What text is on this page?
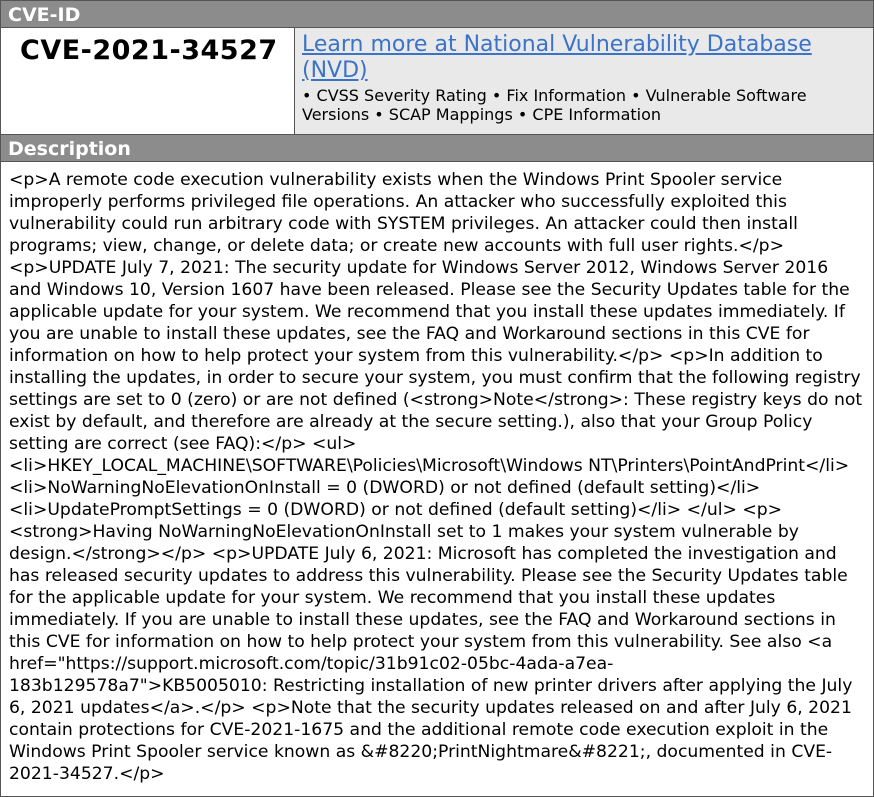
CVE-ID
CVE-2021-34527	Learn more at National Vulnerability Database (NVD)
• CVSS Severity Rating • Fix Information • Vulnerable Software Versions • SCAP Mappings • CPE Information
Description
<p>A remote code execution vulnerability exists when the Windows Print Spooler service improperly performs privileged file operations. An attacker who successfully exploited this vulnerability could run arbitrary code with SYSTEM privileges. An attacker could then install programs; view, change, or delete data; or create new accounts with full user rights.</p> <p>UPDATE July 7, 2021: The security update for Windows Server 2012, Windows Server 2016 and Windows 10, Version 1607 have been released. Please see the Security Updates table for the applicable update for your system. We recommend that you install these updates immediately. If you are unable to install these updates, see the FAQ and Workaround sections in this CVE for information on how to help protect your system from this vulnerability.</p> <p>In addition to installing the updates, in order to secure your system, you must confirm that the following registry settings are set to 0 (zero) or are not defined (<strong>Note</strong>: These registry keys do not exist by default, and therefore are already at the secure setting.), also that your Group Policy setting are correct (see FAQ):</p> <ul> <li>HKEY_LOCAL_MACHINE\SOFTWARE\Policies\Microsoft\Windows NT\Printers\PointAndPrint</li> <li>NoWarningNoElevationOnInstall = 0 (DWORD) or not defined (default setting)</li> <li>UpdatePromptSettings = 0 (DWORD) or not defined (default setting)</li> </ul> <p><strong>Having NoWarningNoElevationOnInstall set to 1 makes your system vulnerable by design.</strong></p> <p>UPDATE July 6, 2021: Microsoft has completed the investigation and has released security updates to address this vulnerability. Please see the Security Updates table for the applicable update for your system. We recommend that you install these updates immediately. If you are unable to install these updates, see the FAQ and Workaround sections in this CVE for information on how to help protect your system from this vulnerability. See also <a href="https://support.microsoft.com/topic/31b91c02-05bc-4ada-a7ea-183b129578a7">KB5005010: Restricting installation of new printer drivers after applying the July 6, 2021 updates</a>.</p> <p>Note that the security updates released on and after July 6, 2021 contain protections for CVE-2021-1675 and the additional remote code execution exploit in the Windows Print Spooler service known as &#8220;PrintNightmare&#8221;, documented in CVE-2021-34527.</p>
